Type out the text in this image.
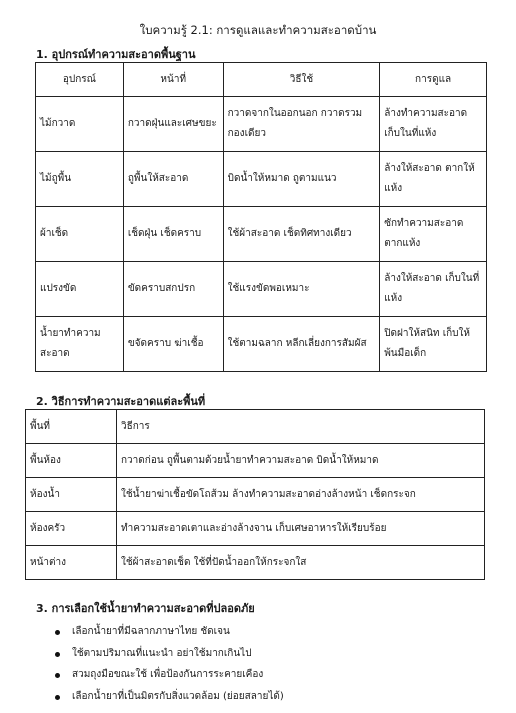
ใบความรู้ 2.1: การดูแลและทำความสะอาดบ้าน
1. อุปกรณ์ทำความสะอาดพื้นฐาน
อุปกรณ์	หน้าที่	วิธีใช้	การดูแล
ไม้กวาด	กวาดฝุ่นและเศษขยะ	กวาดจากในออกนอก กวาดรวมกองเดียว	ล้างทำความสะอาด เก็บในที่แห้ง
ไม้ถูพื้น	ถูพื้นให้สะอาด	บิดน้ำให้หมาด ถูตามแนว	ล้างให้สะอาด ตากให้แห้ง
ผ้าเช็ด	เช็ดฝุ่น เช็ดคราบ	ใช้ผ้าสะอาด เช็ดทิศทางเดียว	ซักทำความสะอาด ตากแห้ง
แปรงขัด	ขัดคราบสกปรก	ใช้แรงขัดพอเหมาะ	ล้างให้สะอาด เก็บในที่แห้ง
น้ำยาทำความสะอาด	ขจัดคราบ ฆ่าเชื้อ	ใช้ตามฉลาก หลีกเลี่ยงการสัมผัส	ปิดฝาให้สนิท เก็บให้พ้นมือเด็ก
2. วิธีการทำความสะอาดแต่ละพื้นที่
พื้นที่	วิธีการ
พื้นห้อง	กวาดก่อน ถูพื้นตามด้วยน้ำยาทำความสะอาด บิดน้ำให้หมาด
ห้องน้ำ	ใช้น้ำยาฆ่าเชื้อขัดโถส้วม ล้างทำความสะอาดอ่างล้างหน้า เช็ดกระจก
ห้องครัว	ทำความสะอาดเตาและอ่างล้างจาน เก็บเศษอาหารให้เรียบร้อย
หน้าต่าง	ใช้ผ้าสะอาดเช็ด ใช้ที่ปัดน้ำออกให้กระจกใส
3. การเลือกใช้น้ำยาทำความสะอาดที่ปลอดภัย
เลือกน้ำยาที่มีฉลากภาษาไทย ชัดเจน
ใช้ตามปริมาณที่แนะนำ อย่าใช้มากเกินไป
สวมถุงมือขณะใช้ เพื่อป้องกันการระคายเคือง
เลือกน้ำยาที่เป็นมิตรกับสิ่งแวดล้อม (ย่อยสลายได้)
